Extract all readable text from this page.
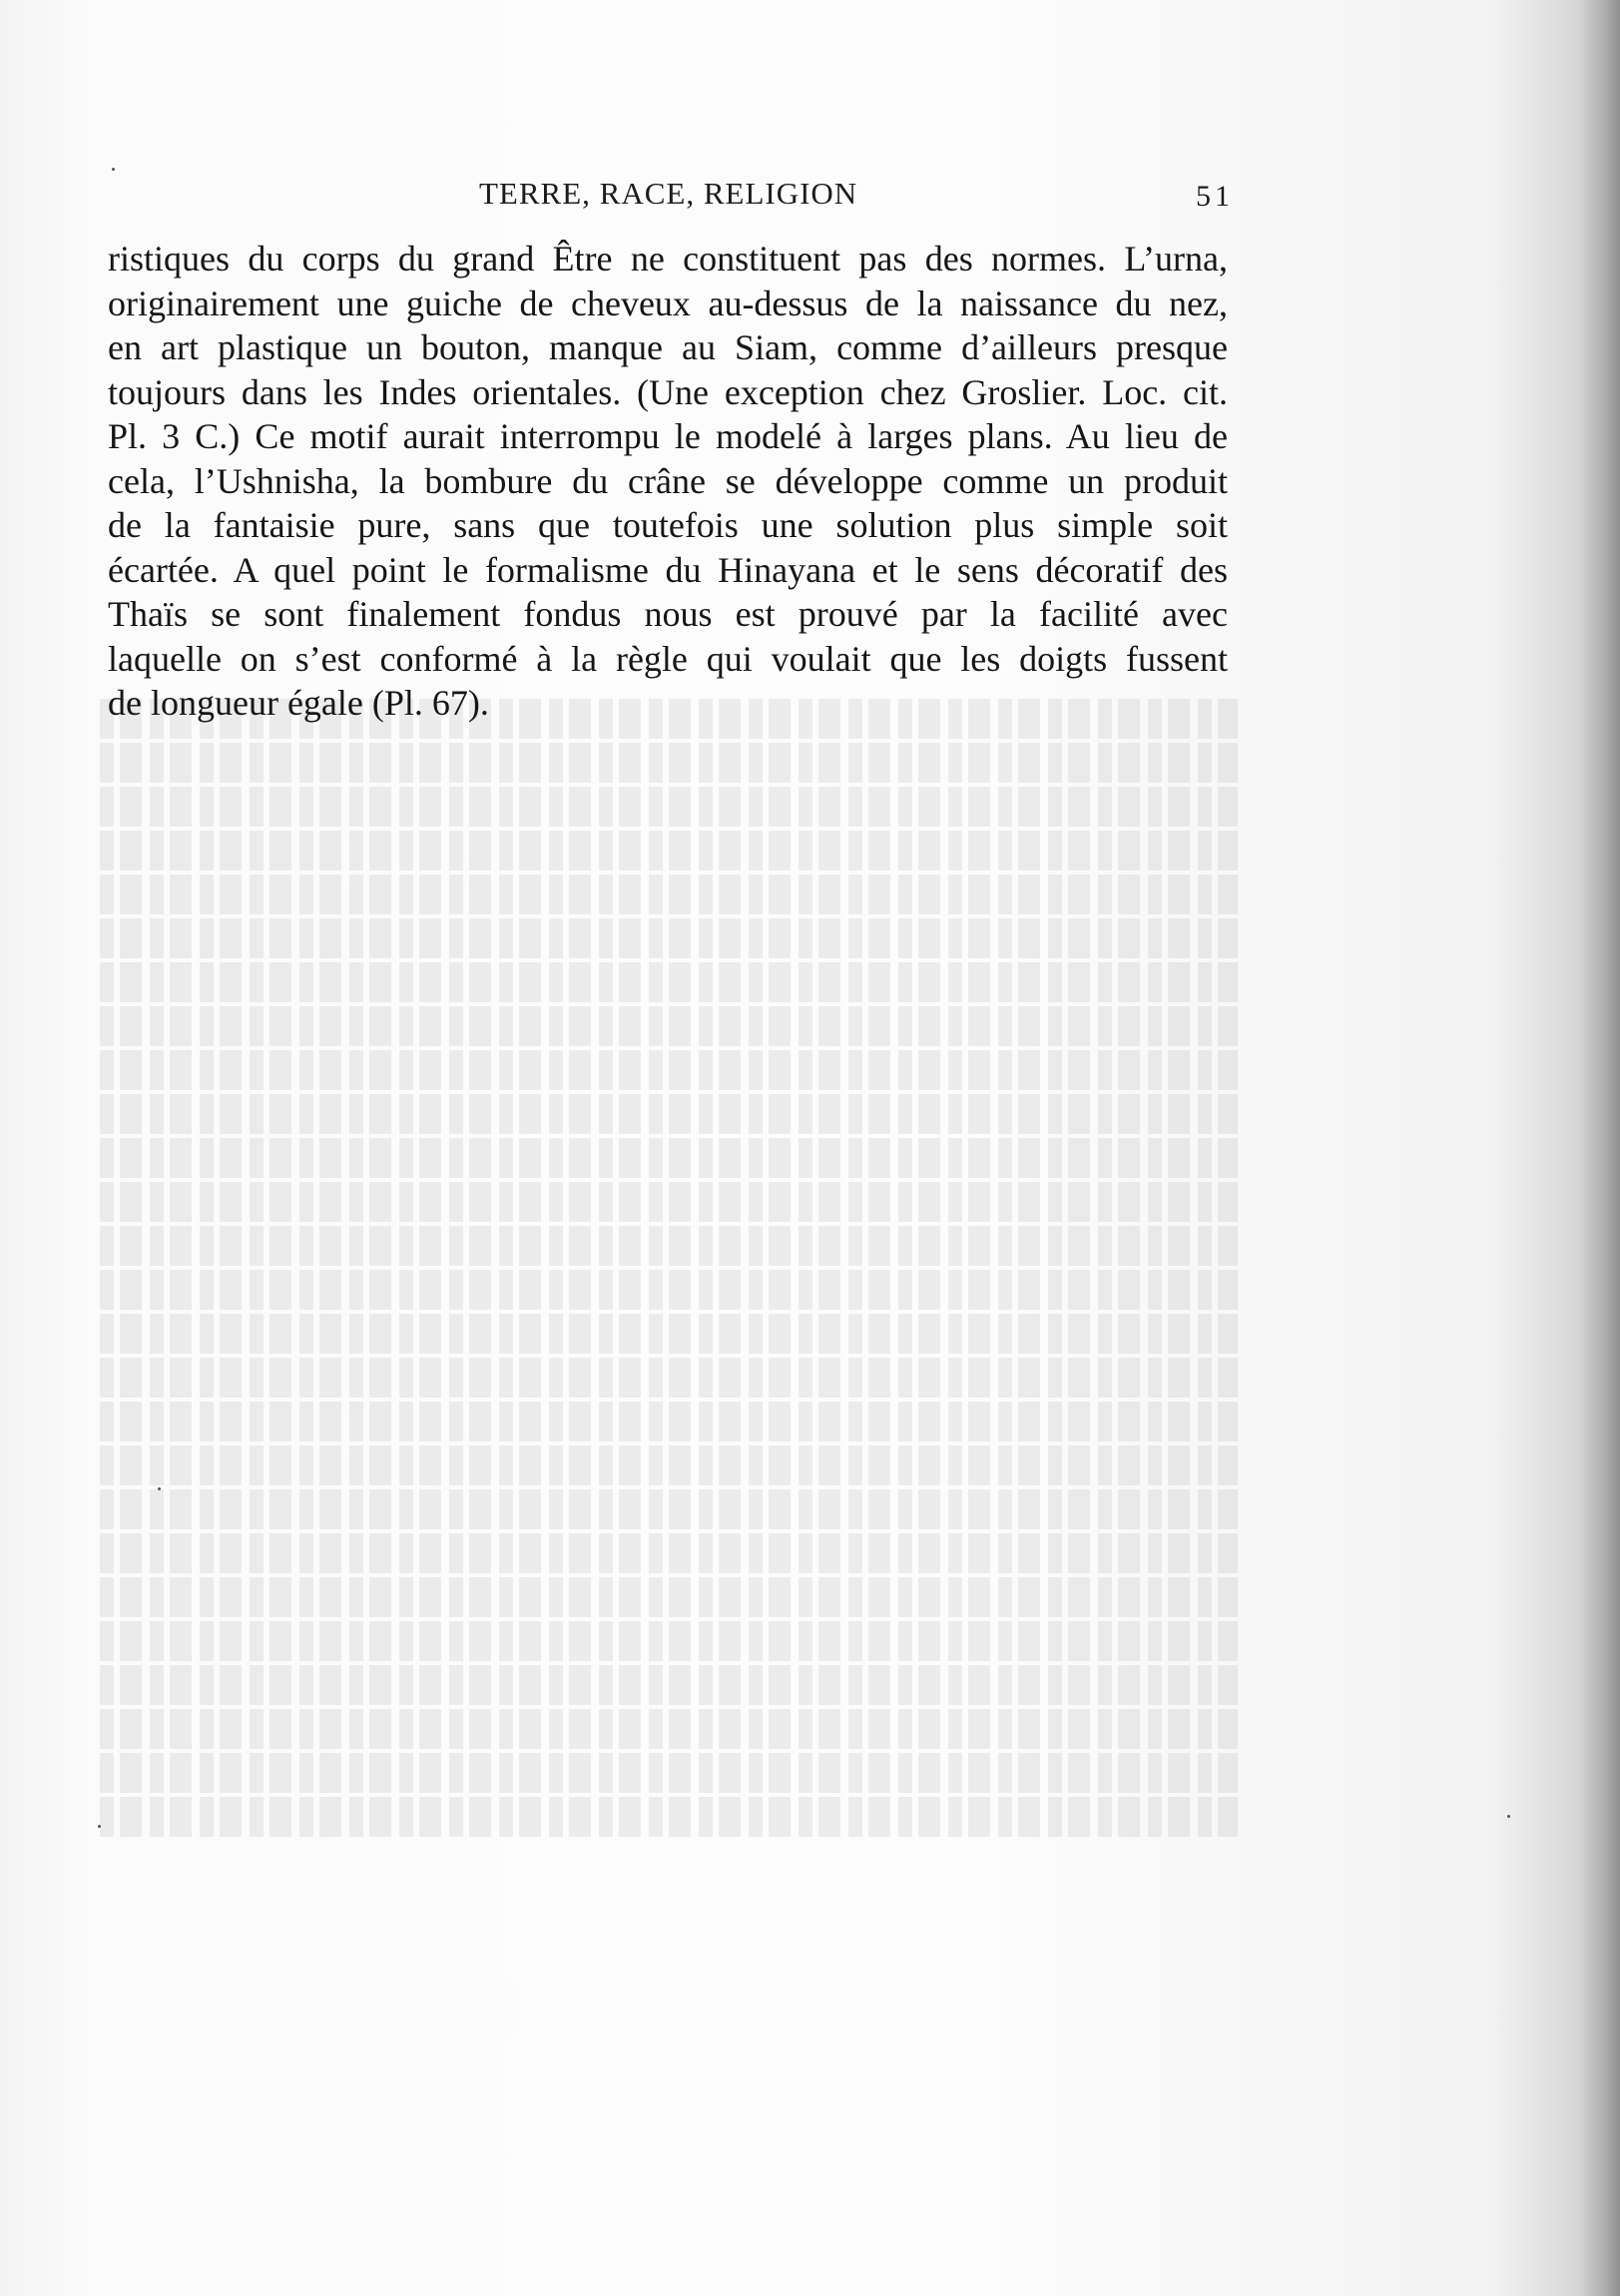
TERRE, RACE, RELIGION	51
ristiques du corps du grand Être ne constituent pas des normes. L’urna,
originairement une guiche de cheveux au-dessus de la naissance du nez,
en art plastique un bouton, manque au Siam, comme d’ailleurs presque
toujours dans les Indes orientales. (Une exception chez Groslier. Loc. cit.
Pl. 3 C.) Ce motif aurait interrompu le modelé à larges plans. Au lieu de
cela, l’Ushnisha, la bombure du crâne se développe comme un produit
de la fantaisie pure, sans que toutefois une solution plus simple soit
écartée. A quel point le formalisme du Hinayana et le sens décoratif des
Thaïs se sont finalement fondus nous est prouvé par la facilité avec
laquelle on s’est conformé à la règle qui voulait que les doigts fussent
de longueur égale (Pl. 67).
